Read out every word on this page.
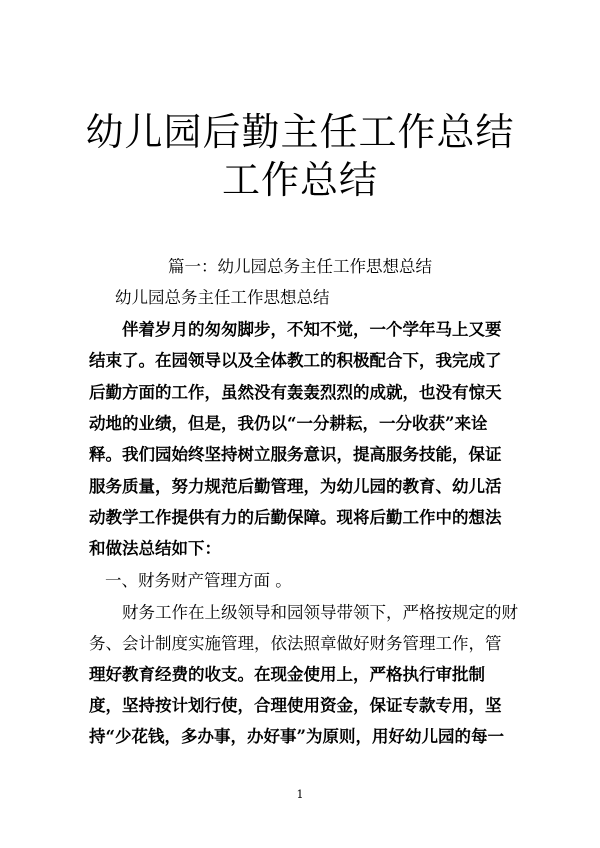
幼儿园后勤主任工作总结
工作总结
篇一：幼儿园总务主任工作思想总结
幼儿园总务主任工作思想总结
伴着岁月的匆匆脚步，不知不觉，一个学年马上又要
结束了。在园领导以及全体教工的积极配合下，我完成了
后勤方面的工作，虽然没有轰轰烈烈的成就，也没有惊天
动地的业绩，但是，我仍以“一分耕耘，一分收获”来诠
释。我们园始终坚持树立服务意识，提高服务技能，保证
服务质量，努力规范后勤管理，为幼儿园的教育、幼儿活
动教学工作提供有力的后勤保障。现将后勤工作中的想法
和做法总结如下：
一、财务财产管理方面 。
财务工作在上级领导和园领导带领下，严格按规定的财
务、会计制度实施管理，依法照章做好财务管理工作，管
理好教育经费的收支。在现金使用上，严格执行审批制
度，坚持按计划行使，合理使用资金，保证专款专用，坚
持“少花钱，多办事，办好事”为原则，用好幼儿园的每一
1
